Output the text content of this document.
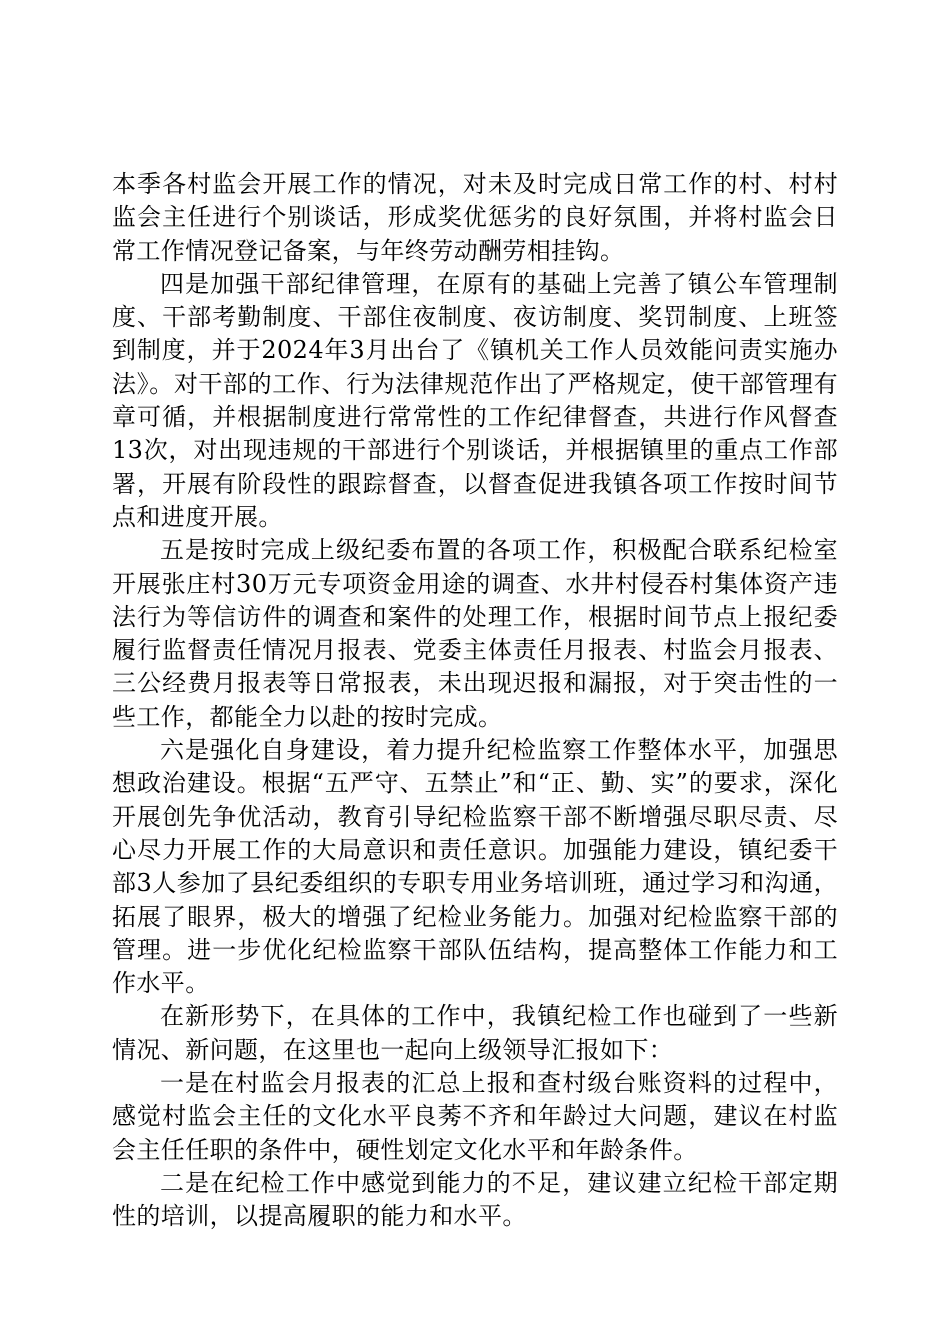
本季各村监会开展工作的情况，对未及时完成日常工作的村、村村监会主任进行个别谈话，形成奖优惩劣的良好氛围，并将村监会日常工作情况登记备案，与年终劳动酬劳相挂钩。

四是加强干部纪律管理，在原有的基础上完善了镇公车管理制度、干部考勤制度、干部住夜制度、夜访制度、奖罚制度、上班签到制度，并于2024年3月出台了《镇机关工作人员效能问责实施办法》。对干部的工作、行为法律规范作出了严格规定，使干部管理有章可循，并根据制度进行常常性的工作纪律督查，共进行作风督查13次，对出现违规的干部进行个别谈话，并根据镇里的重点工作部署，开展有阶段性的跟踪督查，以督查促进我镇各项工作按时间节点和进度开展。

五是按时完成上级纪委布置的各项工作，积极配合联系纪检室开展张庄村30万元专项资金用途的调查、水井村侵吞村集体资产违法行为等信访件的调查和案件的处理工作，根据时间节点上报纪委履行监督责任情况月报表、党委主体责任月报表、村监会月报表、三公经费月报表等日常报表，未出现迟报和漏报，对于突击性的一些工作，都能全力以赴的按时完成。

六是强化自身建设，着力提升纪检监察工作整体水平，加强思想政治建设。根据“五严守、五禁止”和“正、勤、实”的要求，深化开展创先争优活动，教育引导纪检监察干部不断增强尽职尽责、尽心尽力开展工作的大局意识和责任意识。加强能力建设，镇纪委干部3人参加了县纪委组织的专职专用业务培训班，通过学习和沟通，拓展了眼界，极大的增强了纪检业务能力。加强对纪检监察干部的管理。进一步优化纪检监察干部队伍结构，提高整体工作能力和工作水平。

在新形势下，在具体的工作中，我镇纪检工作也碰到了一些新情况、新问题，在这里也一起向上级领导汇报如下：

一是在村监会月报表的汇总上报和查村级台账资料的过程中，感觉村监会主任的文化水平良莠不齐和年龄过大问题，建议在村监会主任任职的条件中，硬性划定文化水平和年龄条件。

二是在纪检工作中感觉到能力的不足，建议建立纪检干部定期性的培训，以提高履职的能力和水平。
